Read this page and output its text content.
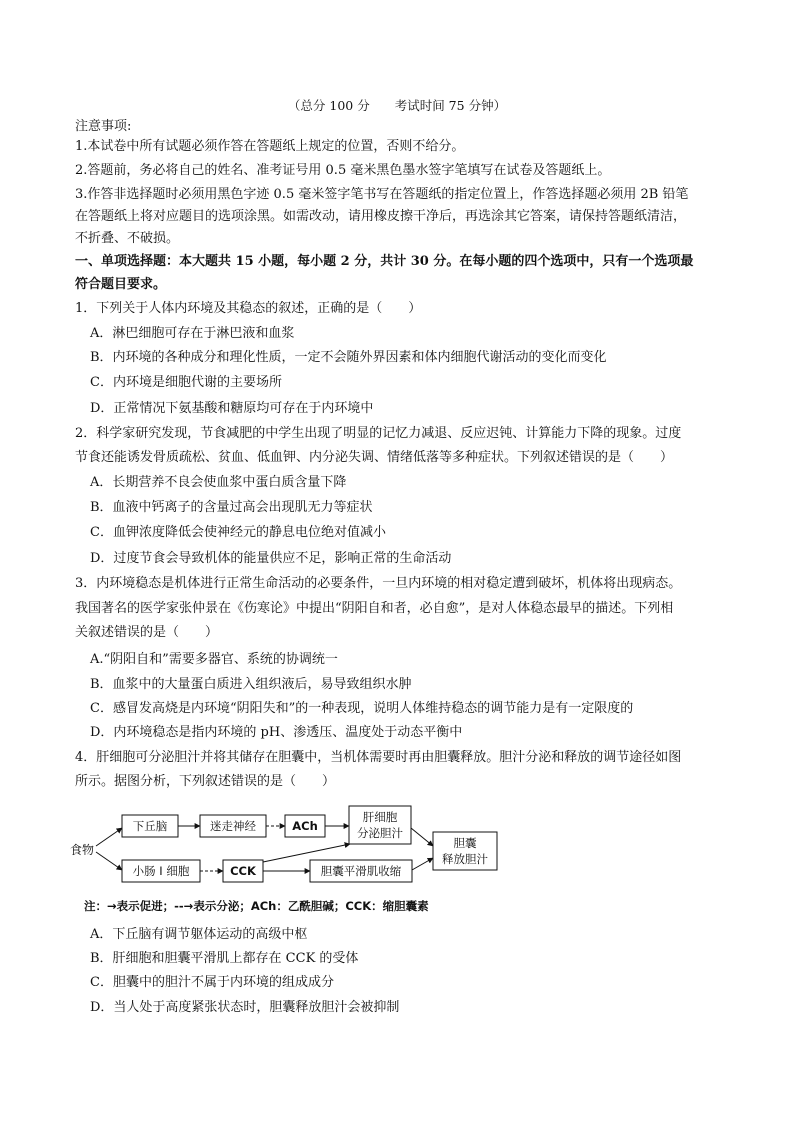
（总分 100 分　　考试时间 75 分钟）
注意事项:
1.本试卷中所有试题必须作答在答题纸上规定的位置，否则不给分。
2.答题前，务必将自己的姓名、准考证号用 0.5 毫米黑色墨水签字笔填写在试卷及答题纸上。
3.作答非选择题时必须用黑色字迹 0.5 毫米签字笔书写在答题纸的指定位置上，作答选择题必须用 2B 铅笔
在答题纸上将对应题目的选项涂黑。如需改动，请用橡皮擦干净后，再选涂其它答案，请保持答题纸清洁，
不折叠、不破损。
一、单项选择题：本大题共 15 小题，每小题 2 分，共计 30 分。在每小题的四个选项中，只有一个选项最
符合题目要求。
1．下列关于人体内环境及其稳态的叙述，正确的是（　　）
A．淋巴细胞可存在于淋巴液和血浆
B．内环境的各种成分和理化性质，一定不会随外界因素和体内细胞代谢活动的变化而变化
C．内环境是细胞代谢的主要场所
D．正常情况下氨基酸和糖原均可存在于内环境中
2．科学家研究发现，节食减肥的中学生出现了明显的记忆力减退、反应迟钝、计算能力下降的现象。过度
节食还能诱发骨质疏松、贫血、低血钾、内分泌失调、情绪低落等多种症状。下列叙述错误的是（　　）
A．长期营养不良会使血浆中蛋白质含量下降
B．血液中钙离子的含量过高会出现肌无力等症状
C．血钾浓度降低会使神经元的静息电位绝对值减小
D．过度节食会导致机体的能量供应不足，影响正常的生命活动
3．内环境稳态是机体进行正常生命活动的必要条件，一旦内环境的相对稳定遭到破坏，机体将出现病态。
我国著名的医学家张仲景在《伤寒论》中提出“阴阳自和者，必自愈”，是对人体稳态最早的描述。下列相
关叙述错误的是（　　）
A.“阴阳自和”需要多器官、系统的协调统一
B．血浆中的大量蛋白质进入组织液后，易导致组织水肿
C．感冒发高烧是内环境“阴阳失和”的一种表现，说明人体维持稳态的调节能力是有一定限度的
D．内环境稳态是指内环境的 pH、渗透压、温度处于动态平衡中
4．肝细胞可分泌胆汁并将其储存在胆囊中，当机体需要时再由胆囊释放。胆汁分泌和释放的调节途径如图
所示。据图分析，下列叙述错误的是（　　）
食物
下丘脑	迷走神经	ACh
肝细胞
分泌胆汁
胆囊
释放胆汁
小肠 I 细胞	CCK	胆囊平滑肌收缩
注：→表示促进；--→表示分泌；ACh：乙酰胆碱；CCK：缩胆囊素
A．下丘脑有调节躯体运动的高级中枢
B．肝细胞和胆囊平滑肌上都存在 CCK 的受体
C．胆囊中的胆汁不属于内环境的组成成分
D．当人处于高度紧张状态时，胆囊释放胆汁会被抑制
